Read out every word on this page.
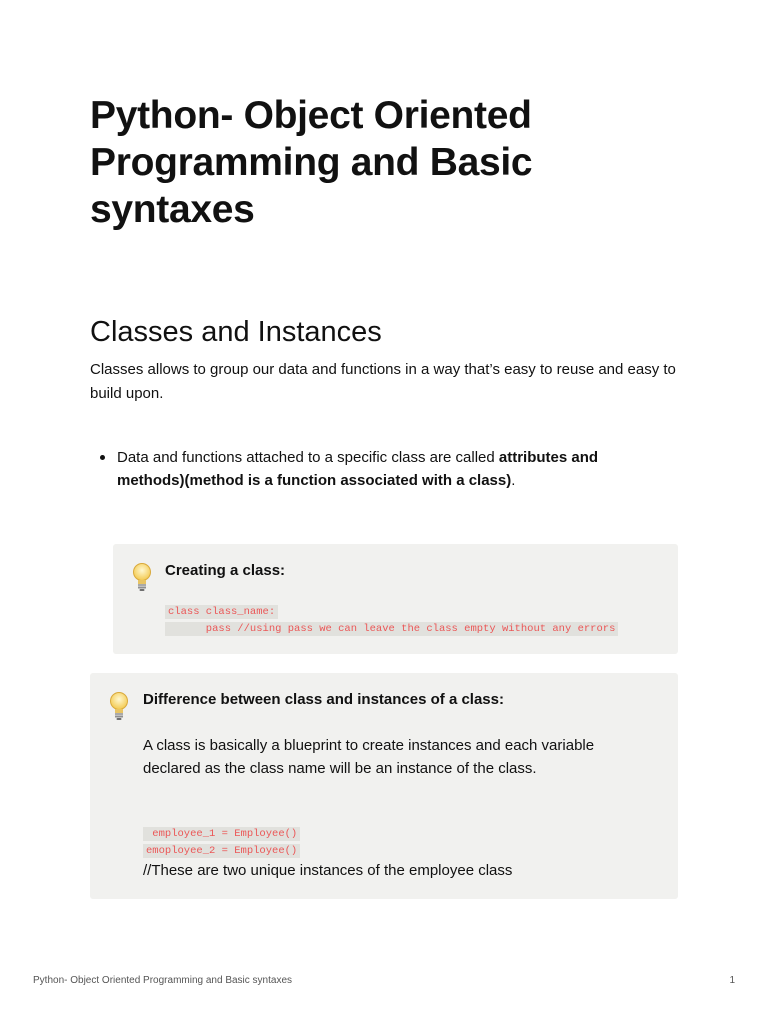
Python- Object Oriented Programming and Basic syntaxes
Classes and Instances

Classes allows to group our data and functions in a way that’s easy to reuse and easy to build upon.

Data and functions attached to a specific class are called attributes and methods)(method is a function associated with a class).

Creating a class:

class class_name:
pass //using pass we can leave the class empty without any errors

Difference between class and instances of a class:

A class is basically a blueprint to create instances and each variable declared as the class name will be an instance of the class.

employee_1 = Employee()
emoployee_2 = Employee()

//These are two unique instances of the employee class

Python- Object Oriented Programming and Basic syntaxes	1
